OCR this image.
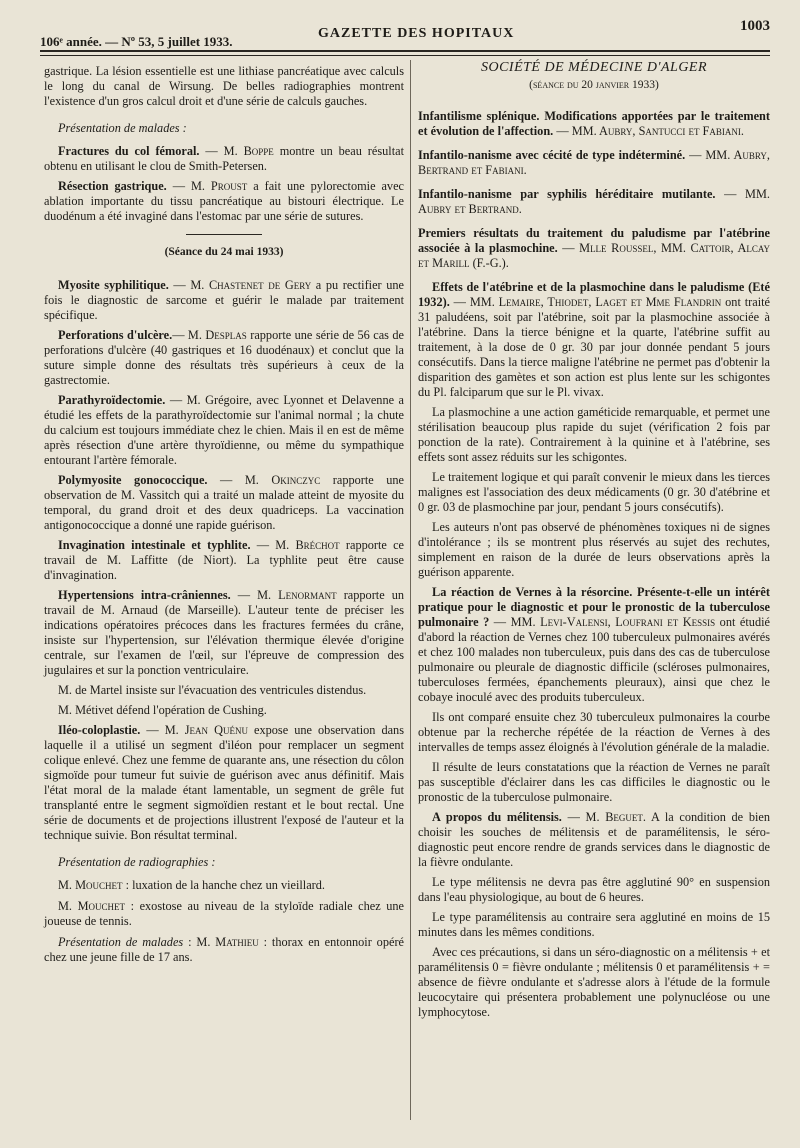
106ᵉ année. — Nº 53, 5 juillet 1933.
GAZETTE DES HOPITAUX	1003

gastrique. La lésion essentielle est une lithiase pancréatique avec calculs le long du canal de Wirsung. De belles radiographies montrent l'existence d'un gros calcul droit et d'une série de calculs gauches.

Présentation de malades :

Fractures du col fémoral. — M. Boppe montre un beau résultat obtenu en utilisant le clou de Smith-Petersen.

Résection gastrique. — M. Proust a fait une pylorectomie avec ablation importante du tissu pancréatique au bistouri électrique. Le duodénum a été invaginé dans l'estomac par une série de sutures.

(Séance du 24 mai 1933)

Myosite syphilitique. — M. Chastenet de Gery a pu rectifier une fois le diagnostic de sarcome et guérir le malade par traitement spécifique.

Perforations d'ulcère.— M. Desplas rapporte une série de 56 cas de perforations d'ulcère (40 gastriques et 16 duodénaux) et conclut que la suture simple donne des résultats très supérieurs à ceux de la gastrectomie.

Parathyroïdectomie. — M. Grégoire, avec Lyonnet et Delavenne a étudié les effets de la parathyroïdectomie sur l'animal normal ; la chute du calcium est toujours immédiate chez le chien. Mais il en est de même après résection d'une artère thyroïdienne, ou même du sympathique entourant l'artère fémorale.

Polymyosite gonococcique. — M. Okinczyc rapporte une observation de M. Vassitch qui a traité un malade atteint de myosite du temporal, du grand droit et des deux quadriceps. La vaccination antigonococcique a donné une rapide guérison.

Invagination intestinale et typhlite. — M. Bréchot rapporte ce travail de M. Laffitte (de Niort). La typhlite peut être cause d'invagination.

Hypertensions intra-crâniennes. — M. Lenormant rapporte un travail de M. Arnaud (de Marseille). L'auteur tente de préciser les indications opératoires précoces dans les fractures fermées du crâne, insiste sur l'hypertension, sur l'élévation thermique élevée d'origine centrale, sur l'examen de l'œil, sur l'épreuve de compression des jugulaires et sur la ponction ventriculaire.

M. de Martel insiste sur l'évacuation des ventricules distendus.

M. Métivet défend l'opération de Cushing.

Iléo-coloplastie. — M. Jean Quénu expose une observation dans laquelle il a utilisé un segment d'iléon pour remplacer un segment colique enlevé. Chez une femme de quarante ans, une résection du côlon sigmoïde pour tumeur fut suivie de guérison avec anus définitif. Mais l'état moral de la malade étant lamentable, un segment de grêle fut transplanté entre le segment sigmoïdien restant et le bout rectal. Une série de documents et de projections illustrent l'exposé de l'auteur et la technique suivie. Bon résultat terminal.

Présentation de radiographies :

M. Mouchet : luxation de la hanche chez un vieillard.

M. Mouchet : exostose au niveau de la styloïde radiale chez une joueuse de tennis.

Présentation de malades : M. Mathieu : thorax en entonnoir opéré chez une jeune fille de 17 ans.

SOCIÉTÉ DE MÉDECINE D'ALGER
(séance du 20 janvier 1933)

Infantilisme splénique. Modifications apportées par le traitement et évolution de l'affection. — MM. Aubry, Santucci et Fabiani.

Infantilo-nanisme avec cécité de type indéterminé. — MM. Aubry, Bertrand et Fabiani.

Infantilo-nanisme par syphilis héréditaire mutilante. — MM. Aubry et Bertrand.

Premiers résultats du traitement du paludisme par l'atébrine associée à la plasmochine. — Mlle Roussel, MM. Cattoir, Alcay et Marill (F.-G.).

Effets de l'atébrine et de la plasmochine dans le paludisme (Eté 1932). — MM. Lemaire, Thiodet, Laget et Mme Flandrin ont traité 31 paludéens, soit par l'atébrine, soit par la plasmochine associée à l'atébrine. Dans la tierce bénigne et la quarte, l'atébrine suffit au traitement, à la dose de 0 gr. 30 par jour donnée pendant 5 jours consécutifs. Dans la tierce maligne l'atébrine ne permet pas d'obtenir la disparition des gamètes et son action est plus lente sur les schigontes du Pl. falciparum que sur le Pl. vivax.

La plasmochine a une action gaméticide remarquable, et permet une stérilisation beaucoup plus rapide du sujet (vérification 2 fois par ponction de la rate). Contrairement à la quinine et à l'atébrine, ses effets sont assez réduits sur les schigontes.

Le traitement logique et qui paraît convenir le mieux dans les tierces malignes est l'association des deux médicaments (0 gr. 30 d'atébrine et 0 gr. 03 de plasmochine par jour, pendant 5 jours consécutifs).

Les auteurs n'ont pas observé de phénomènes toxiques ni de signes d'intolérance ; ils se montrent plus réservés au sujet des rechutes, simplement en raison de la durée de leurs observations après la guérison apparente.

La réaction de Vernes à la résorcine. Présente-t-elle un intérêt pratique pour le diagnostic et pour le pronostic de la tuberculose pulmonaire ? — MM. Levi-Valensi, Loufrani et Kessis ont étudié d'abord la réaction de Vernes chez 100 tuberculeux pulmonaires avérés et chez 100 malades non tuberculeux, puis dans des cas de tuberculose pulmonaire ou pleurale de diagnostic difficile (scléroses pulmonaires, tuberculoses fermées, épanchements pleuraux), ainsi que chez le cobaye inoculé avec des produits tuberculeux.

Ils ont comparé ensuite chez 30 tuberculeux pulmonaires la courbe obtenue par la recherche répétée de la réaction de Vernes à des intervalles de temps assez éloignés à l'évolution générale de la maladie.

Il résulte de leurs constatations que la réaction de Vernes ne paraît pas susceptible d'éclairer dans les cas difficiles le diagnostic ou le pronostic de la tuberculose pulmonaire.

A propos du mélitensis. — M. Beguet. A la condition de bien choisir les souches de mélitensis et de paramélitensis, le séro-diagnostic peut encore rendre de grands services dans le diagnostic de la fièvre ondulante.

Le type mélitensis ne devra pas être agglutiné 90° en suspension dans l'eau physiologique, au bout de 6 heures.

Le type paramélitensis au contraire sera agglutiné en moins de 15 minutes dans les mêmes conditions.

Avec ces précautions, si dans un séro-diagnostic on a mélitensis + et paramélitensis 0 = fièvre ondulante ; mélitensis 0 et paramélitensis + = absence de fièvre ondulante et s'adresse alors à l'étude de la formule leucocytaire qui présentera probablement une polynucléose ou une lymphocytose.
